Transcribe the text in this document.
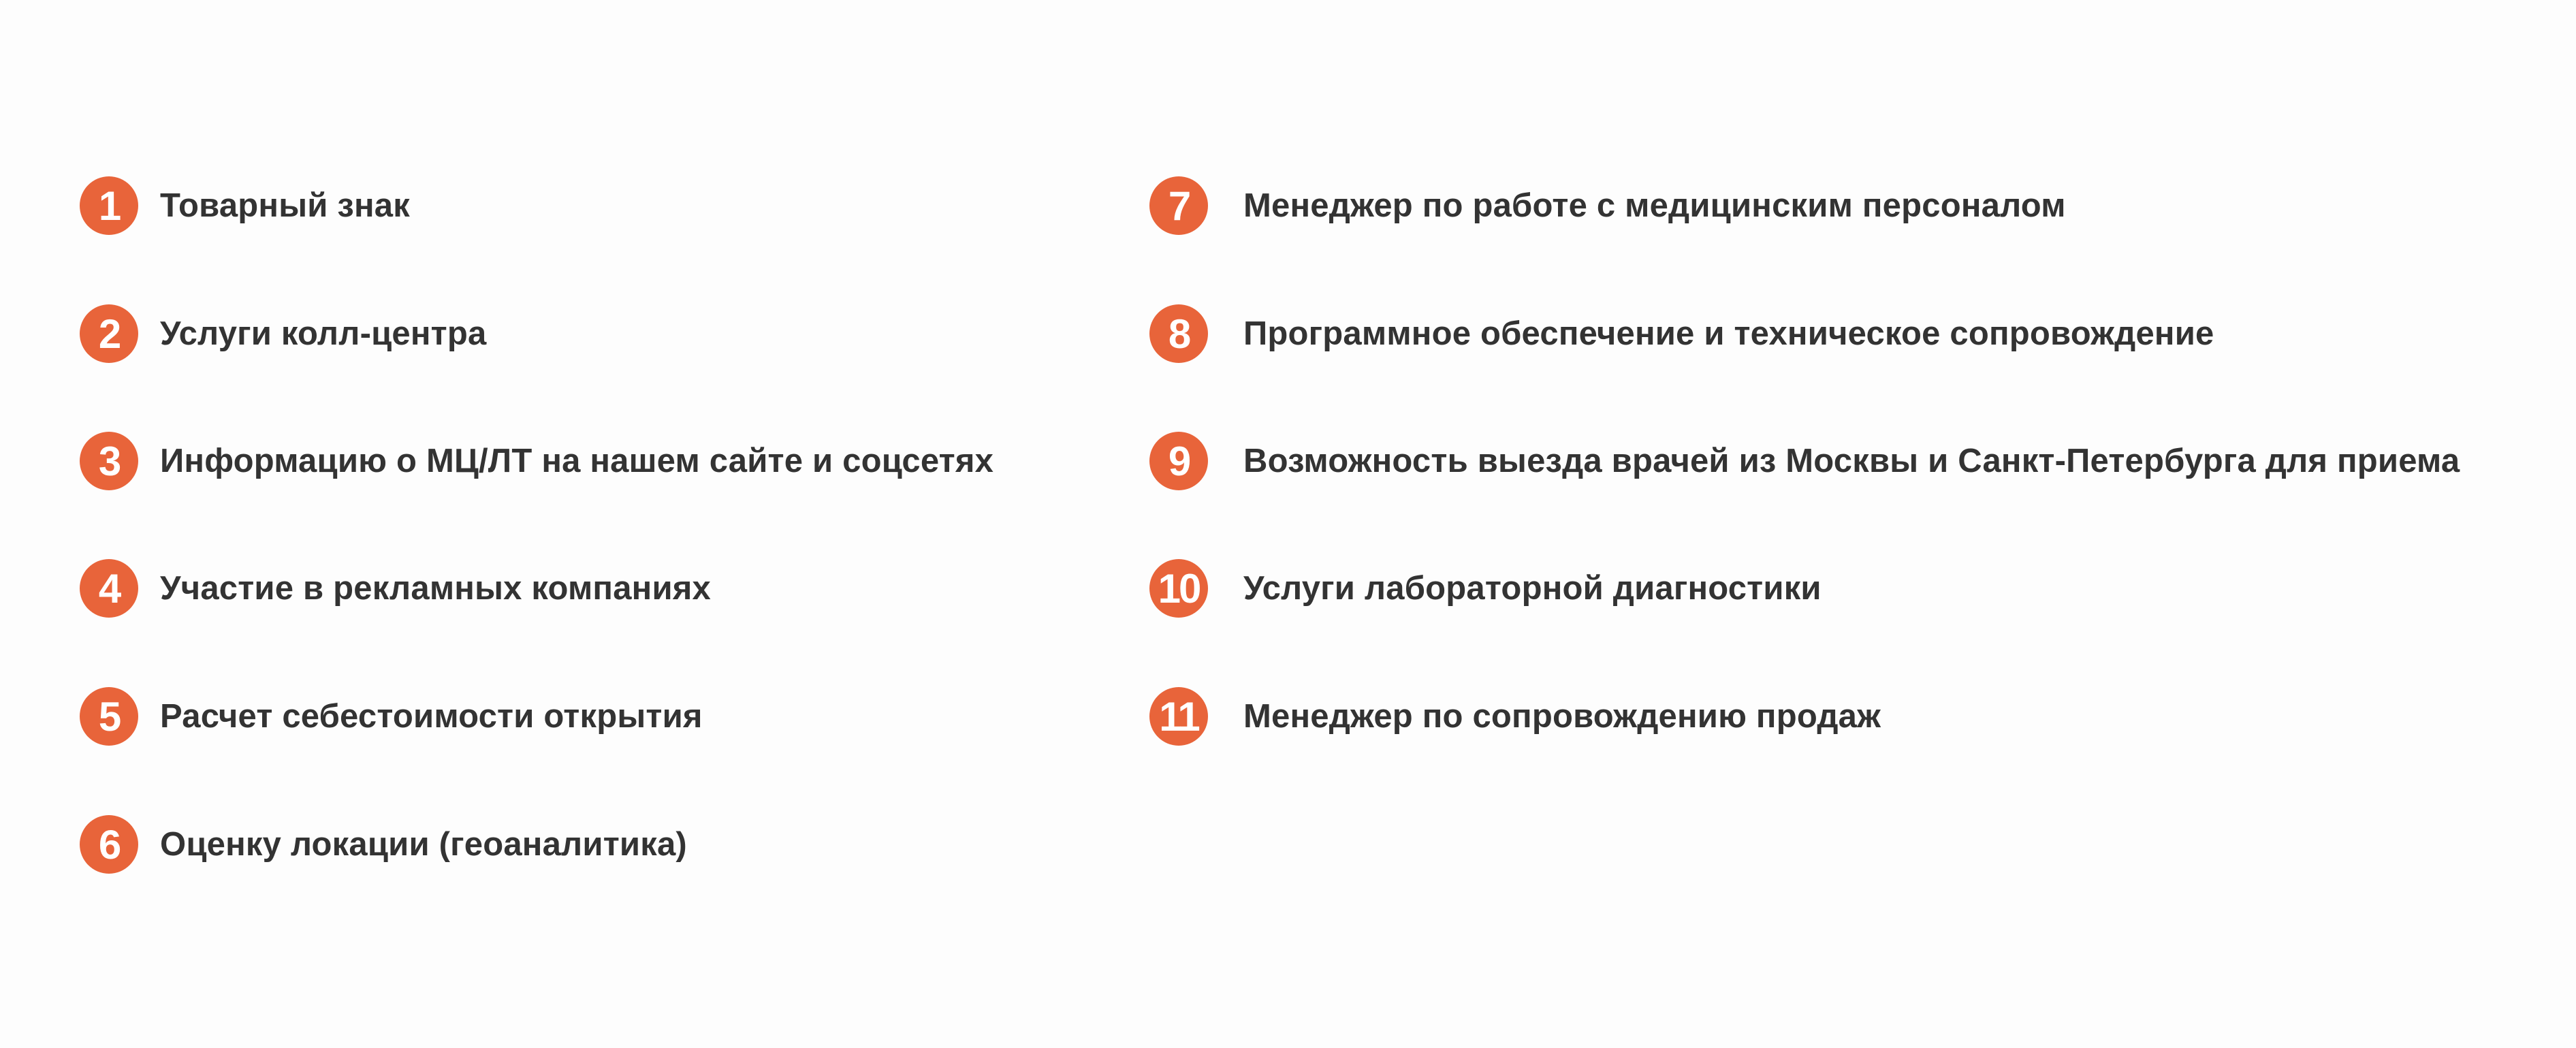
1	Товарный знак
2	Услуги колл-центра
3	Информацию о МЦ/ЛТ на нашем сайте и соцсетях
4	Участие в рекламных компаниях
5	Расчет себестоимости открытия
6	Оценку локации (геоаналитика)
7	Менеджер по работе с медицинским персоналом
8	Программное обеспечение и техническое сопровождение
9	Возможность выезда врачей из Москвы и Санкт-Петербурга для приема
10 Услуги лабораторной диагностики
11 Менеджер по сопровождению продаж
